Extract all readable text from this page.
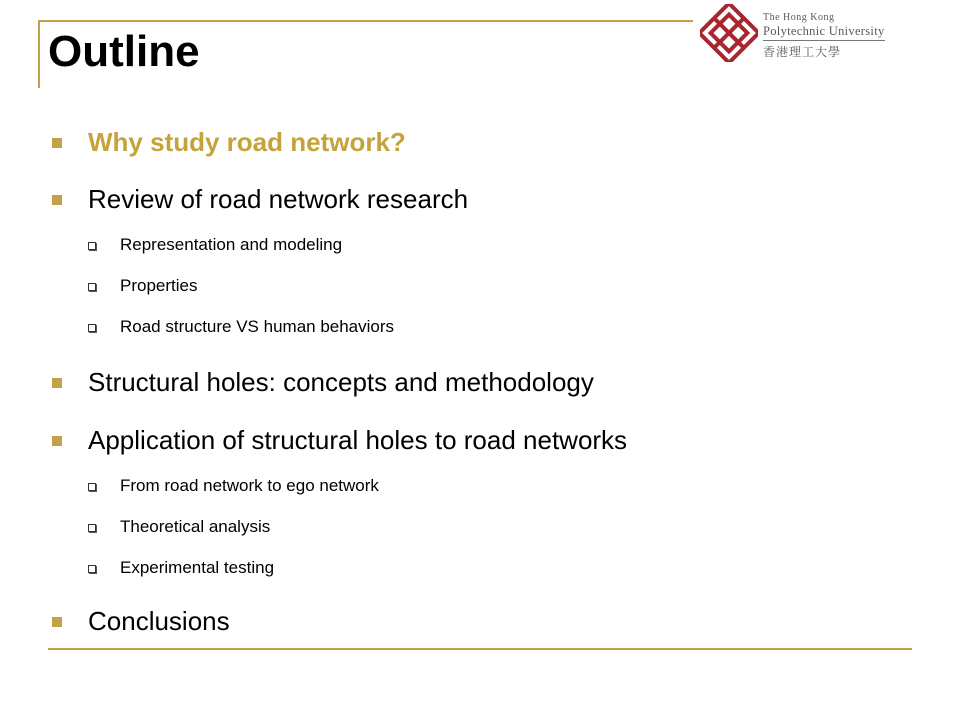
Outline
The Hong Kong
Polytechnic University
香港理工大學
Why study road network?
Review of road network research
Representation and modeling
Properties
Road structure VS human behaviors
Structural holes: concepts and methodology
Application of structural holes to road networks
From road network to ego network
Theoretical analysis
Experimental testing
Conclusions
